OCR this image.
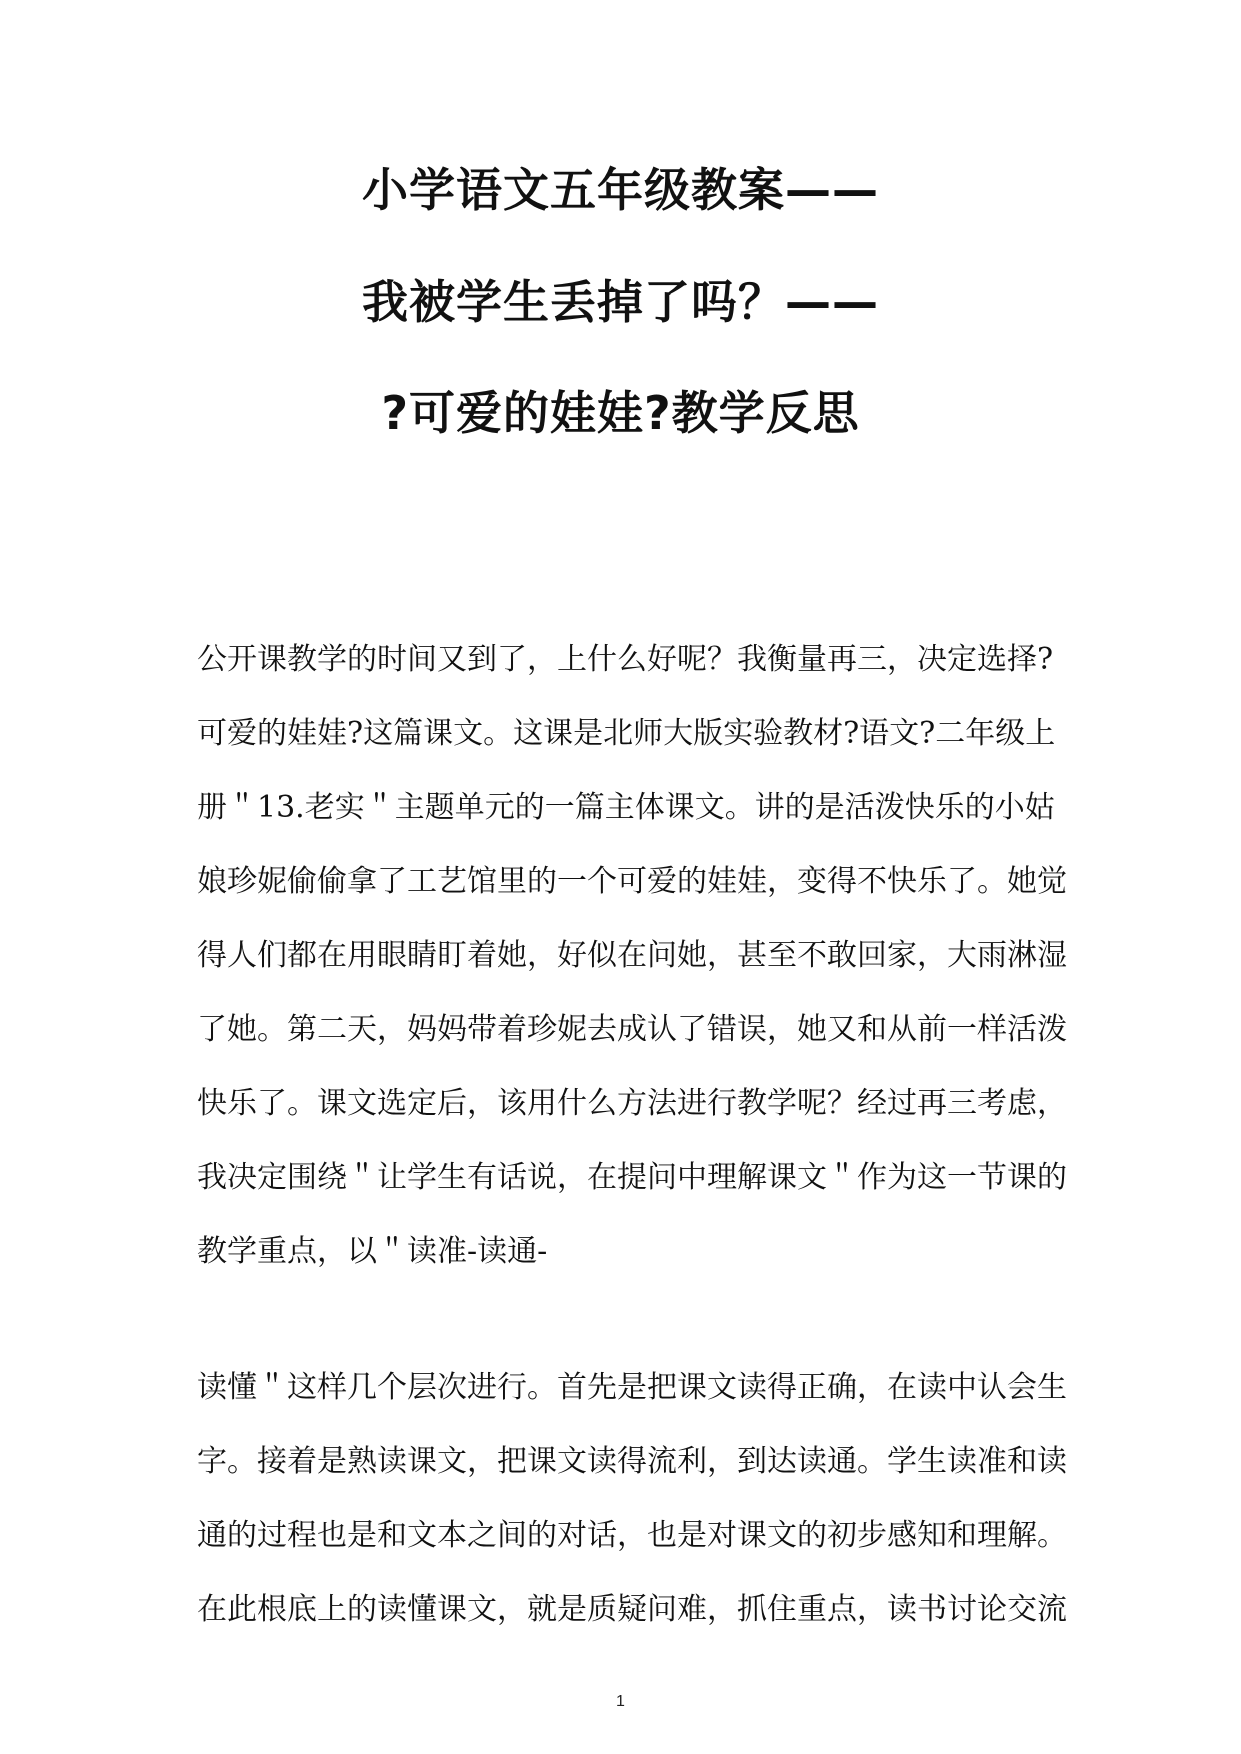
小学语文五年级教案——
我被学生丢掉了吗？——
?可爱的娃娃?教学反思
公开课教学的时间又到了，上什么好呢？我衡量再三，决定选择?
可爱的娃娃?这篇课文。这课是北师大版实验教材?语文?二年级上
册＂13.老实＂主题单元的一篇主体课文。讲的是活泼快乐的小姑
娘珍妮偷偷拿了工艺馆里的一个可爱的娃娃，变得不快乐了。她觉
得人们都在用眼睛盯着她，好似在问她，甚至不敢回家，大雨淋湿
了她。第二天，妈妈带着珍妮去成认了错误，她又和从前一样活泼
快乐了。课文选定后，该用什么方法进行教学呢？经过再三考虑，
我决定围绕＂让学生有话说，在提问中理解课文＂作为这一节课的
教学重点，以＂读准-读通-
读懂＂这样几个层次进行。首先是把课文读得正确，在读中认会生
字。接着是熟读课文，把课文读得流利，到达读通。学生读准和读
通的过程也是和文本之间的对话，也是对课文的初步感知和理解。
在此根底上的读懂课文，就是质疑问难，抓住重点，读书讨论交流
1
